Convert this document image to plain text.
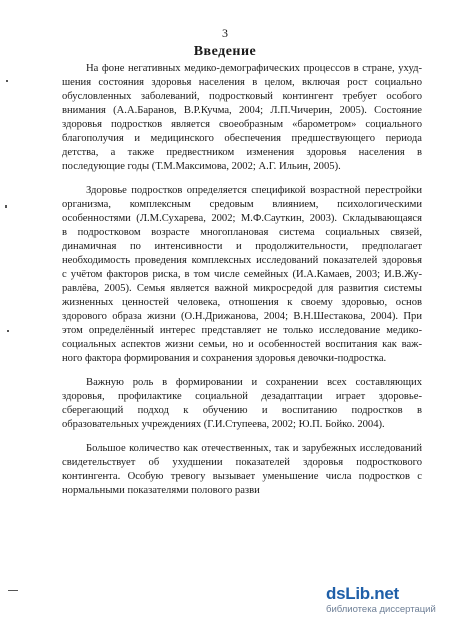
3
Введение
На фоне негативных медико-демографических процессов в стране, ухуд-
шения состояния здоровья населения в целом, включая рост социально
обусловленных заболеваний, подростковый контингент требует особого
внимания (А.А.Баранов, В.Р.Кучма, 2004; Л.П.Чичерин, 2005). Состояние
здоровья подростков является своеобразным «барометром» социального
благополучия и медицинского обеспечения предшествующего периода
детства, а также предвестником изменения здоровья населения в
последующие годы (Т.М.Максимова, 2002; А.Г. Ильин, 2005).
Здоровье подростков определяется спецификой возрастной перестройки
организма, комплексным средовым влиянием, психологическими
особенностями (Л.М.Сухарева, 2002; М.Ф.Сауткин, 2003). Складывающаяся
в подростковом возрасте многоплановая система социальных связей,
динамичная по интенсивности и продолжительности, предполагает
необходимость проведения комплексных исследований показателей здоровья
с учётом факторов риска, в том числе семейных (И.А.Камаев, 2003; И.В.Жу-
равлёва, 2005). Семья является важной микросредой для развития системы
жизненных ценностей человека, отношения к своему здоровью, основ
здорового образа жизни (О.Н.Дрижанова, 2004; В.Н.Шестакова, 2004). При
этом определённый интерес представляет не только исследование медико-
социальных аспектов жизни семьи, но и особенностей воспитания как важ-
ного фактора формирования и сохранения здоровья девочки-подростка.
Важную роль в формировании и сохранении всех составляющих
здоровья, профилактике социальной дезадаптации играет здоровье-
сберегающий подход к обучению и воспитанию подростков в
образовательных учреждениях (Г.И.Ступеева, 2002; Ю.П. Бойко. 2004).
Большое количество как отечественных, так и зарубежных исследований
свидетельствует об ухудшении показателей здоровья подросткового
контингента. Особую тревогу вызывает уменьшение числа подростков с
нормальными показателями полового разви
dsLib.net
библиотека диссертаций
